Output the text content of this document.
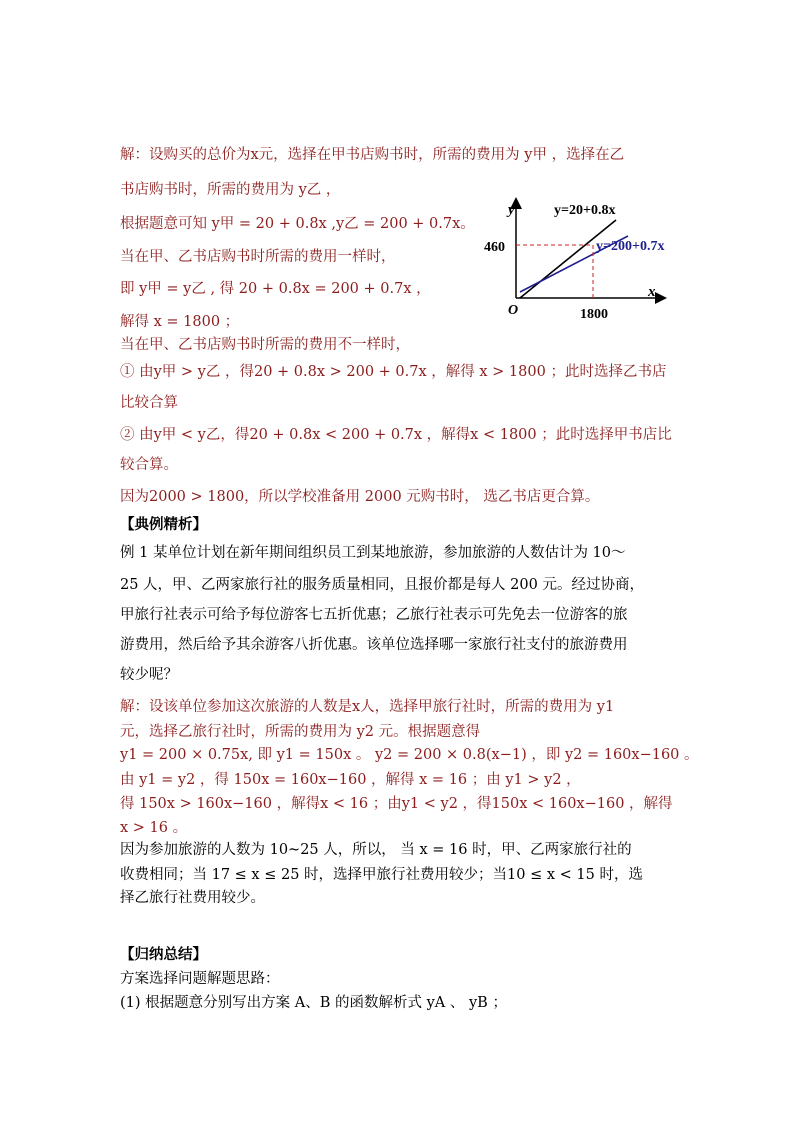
解：设购买的总价为x元，选择在甲书店购书时，所需的费用为 y甲 ，选择在乙

书店购书时，所需的费用为 y乙 ，

根据题意可知 y甲 = 20 + 0.8x ,y乙 = 200 + 0.7x。

当在甲、乙书店购书时所需的费用一样时，

即 y甲 = y乙 , 得 20 + 0.8x = 200 + 0.7x ，

解得 x = 1800 ；

当在甲、乙书店购书时所需的费用不一样时，

① 由y甲 > y乙 ，得20 + 0.8x > 200 + 0.7x ，解得 x > 1800 ；此时选择乙书店

比较合算

② 由y甲 < y乙，得20 + 0.8x < 200 + 0.7x ，解得x < 1800 ；此时选择甲书店比

较合算。

因为2000 > 1800，所以学校准备用 2000 元购书时， 选乙书店更合算。

【典例精析】

例 1 某单位计划在新年期间组织员工到某地旅游，参加旅游的人数估计为 10～

25 人，甲、乙两家旅行社的服务质量相同，且报价都是每人 200 元。经过协商，

甲旅行社表示可给予每位游客七五折优惠；乙旅行社表示可先免去一位游客的旅

游费用，然后给予其余游客八折优惠。该单位选择哪一家旅行社支付的旅游费用

较少呢？

解：设该单位参加这次旅游的人数是x人，选择甲旅行社时，所需的费用为 y1

元，选择乙旅行社时，所需的费用为 y2 元。根据题意得

y1 = 200 × 0.75x, 即 y1 = 150x 。 y2 = 200 × 0.8(x−1) ，即 y2 = 160x−160 。

由 y1 = y2 ，得 150x = 160x−160 ，解得 x = 16 ；由 y1 > y2 ，

得 150x > 160x−160 ，解得x < 16 ；由y1 < y2 ，得150x < 160x−160 ，解得

x > 16 。

因为参加旅游的人数为 10~25 人，所以， 当 x = 16 时，甲、乙两家旅行社的

收费相同；当 17 ≤ x ≤ 25 时，选择甲旅行社费用较少；当10 ≤ x < 15 时，选

择乙旅行社费用较少。

【归纳总结】

方案选择问题解题思路：

(1) 根据题意分别写出方案 A、B 的函数解析式 yA 、 yB ；

y
x
O
460
1800
y=20+0.8x
y=200+0.7x
